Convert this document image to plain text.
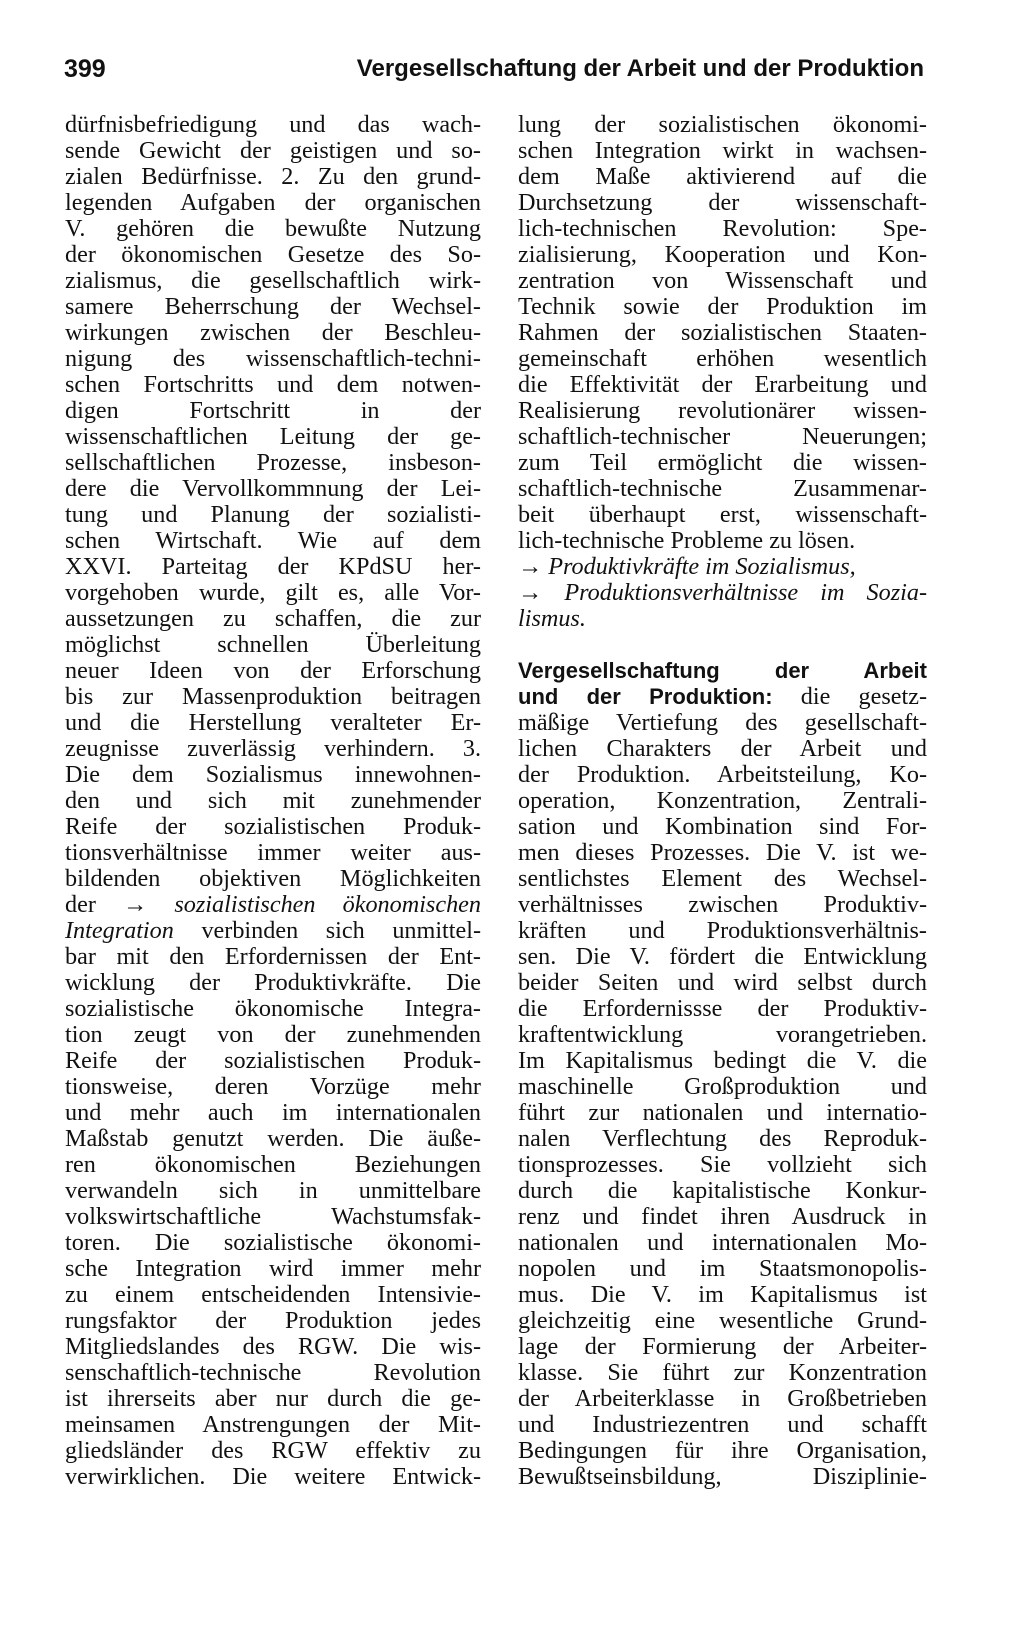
399	Vergesellschaftung der Arbeit und der Produktion
dürfnisbefriedigung und das wach-
sende Gewicht der geistigen und so-
zialen Bedürfnisse. 2. Zu den grund-
legenden Aufgaben der organischen
V. gehören die bewußte Nutzung
der ökonomischen Gesetze des So-
zialismus, die gesellschaftlich wirk-
samere Beherrschung der Wechsel-
wirkungen zwischen der Beschleu-
nigung des wissenschaftlich-techni-
schen Fortschritts und dem notwen-
digen Fortschritt in der
wissenschaftlichen Leitung der ge-
sellschaftlichen Prozesse, insbeson-
dere die Vervollkommnung der Lei-
tung und Planung der sozialisti-
schen Wirtschaft. Wie auf dem
XXVI. Parteitag der KPdSU her-
vorgehoben wurde, gilt es, alle Vor-
aussetzungen zu schaffen, die zur
möglichst schnellen Überleitung
neuer Ideen von der Erforschung
bis zur Massenproduktion beitragen
und die Herstellung veralteter Er-
zeugnisse zuverlässig verhindern. 3.
Die dem Sozialismus innewohnen-
den und sich mit zunehmender
Reife der sozialistischen Produk-
tionsverhältnisse immer weiter aus-
bildenden objektiven Möglichkeiten
der → sozialistischen ökonomischen
Integration verbinden sich unmittel-
bar mit den Erfordernissen der Ent-
wicklung der Produktivkräfte. Die
sozialistische ökonomische Integra-
tion zeugt von der zunehmenden
Reife der sozialistischen Produk-
tionsweise, deren Vorzüge mehr
und mehr auch im internationalen
Maßstab genutzt werden. Die äuße-
ren ökonomischen Beziehungen
verwandeln sich in unmittelbare
volkswirtschaftliche Wachstumsfak-
toren. Die sozialistische ökonomi-
sche Integration wird immer mehr
zu einem entscheidenden Intensivie-
rungsfaktor der Produktion jedes
Mitgliedslandes des RGW. Die wis-
senschaftlich-technische Revolution
ist ihrerseits aber nur durch die ge-
meinsamen Anstrengungen der Mit-
gliedsländer des RGW effektiv zu
verwirklichen. Die weitere Entwick-
lung der sozialistischen ökonomi-
schen Integration wirkt in wachsen-
dem Maße aktivierend auf die
Durchsetzung der wissenschaft-
lich-technischen Revolution: Spe-
zialisierung, Kooperation und Kon-
zentration von Wissenschaft und
Technik sowie der Produktion im
Rahmen der sozialistischen Staaten-
gemeinschaft erhöhen wesentlich
die Effektivität der Erarbeitung und
Realisierung revolutionärer wissen-
schaftlich-technischer Neuerungen;
zum Teil ermöglicht die wissen-
schaftlich-technische Zusammenar-
beit überhaupt erst, wissenschaft-
lich-technische Probleme zu lösen.
→ Produktivkräfte im Sozialismus,
→ Produktionsverhältnisse im Sozia-
lismus.
Vergesellschaftung der Arbeit
und der Produktion: die gesetz-
mäßige Vertiefung des gesellschaft-
lichen Charakters der Arbeit und
der Produktion. Arbeitsteilung, Ko-
operation, Konzentration, Zentrali-
sation und Kombination sind For-
men dieses Prozesses. Die V. ist we-
sentlichstes Element des Wechsel-
verhältnisses zwischen Produktiv-
kräften und Produktionsverhältnis-
sen. Die V. fördert die Entwicklung
beider Seiten und wird selbst durch
die Erfordernissse der Produktiv-
kraftentwicklung vorangetrieben.
Im Kapitalismus bedingt die V. die
maschinelle Großproduktion und
führt zur nationalen und internatio-
nalen Verflechtung des Reproduk-
tionsprozesses. Sie vollzieht sich
durch die kapitalistische Konkur-
renz und findet ihren Ausdruck in
nationalen und internationalen Mo-
nopolen und im Staatsmonopolis-
mus. Die V. im Kapitalismus ist
gleichzeitig eine wesentliche Grund-
lage der Formierung der Arbeiter-
klasse. Sie führt zur Konzentration
der Arbeiterklasse in Großbetrieben
und Industriezentren und schafft
Bedingungen für ihre Organisation,
Bewußtseinsbildung, Disziplinie-
